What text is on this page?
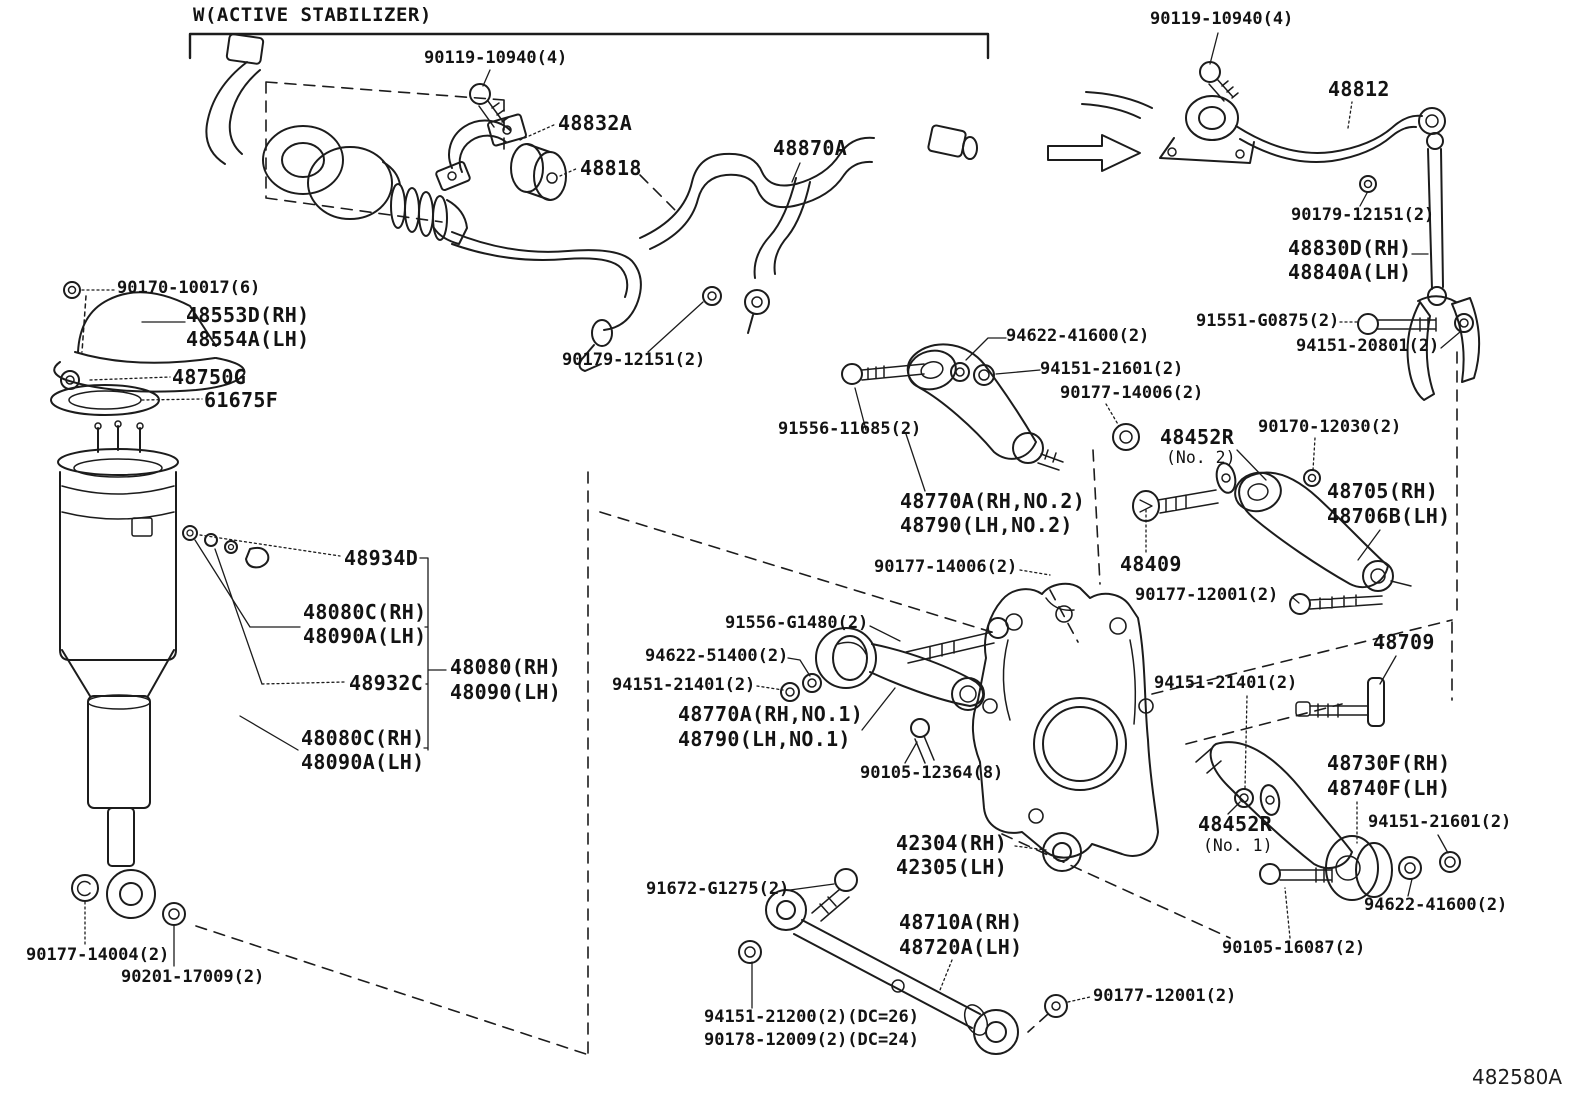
W(ACTIVE STABILIZER)
90119-10940(4)
48832A
48818
48870A
90119-10940(4)
48812
90179-12151(2)
48830D(RH)
48840A(LH)
91551-G0875(2)
94151-20801(2)
90170-10017(6)
48553D(RH)
48554A(LH)
48750G
61675F
90179-12151(2)
94622-41600(2)
94151-21601(2)
90177-14006(2)
91556-11685(2)
48770A(RH,NO.2)
48790(LH,NO.2)
48452R
(No. 2)
90170-12030(2)
48705(RH)
48706B(LH)
48409
90177-12001(2)
90177-14006(2)
48934D
48080C(RH)
48090A(LH)
48932C
48080(RH)
48090(LH)
48080C(RH)
48090A(LH)
91556-G1480(2)
94622-51400(2)
94151-21401(2)
48770A(RH,NO.1)
48790(LH,NO.1)
90105-12364(8)
42304(RH)
42305(LH)
94151-21401(2)
48709
48730F(RH)
48740F(LH)
48452R
(No. 1)
94151-21601(2)
94622-41600(2)
90105-16087(2)
90177-14004(2)
90201-17009(2)
91672-G1275(2)
48710A(RH)
48720A(LH)
94151-21200(2)(DC=26)
90178-12009(2)(DC=24)
90177-12001(2)
482580A
